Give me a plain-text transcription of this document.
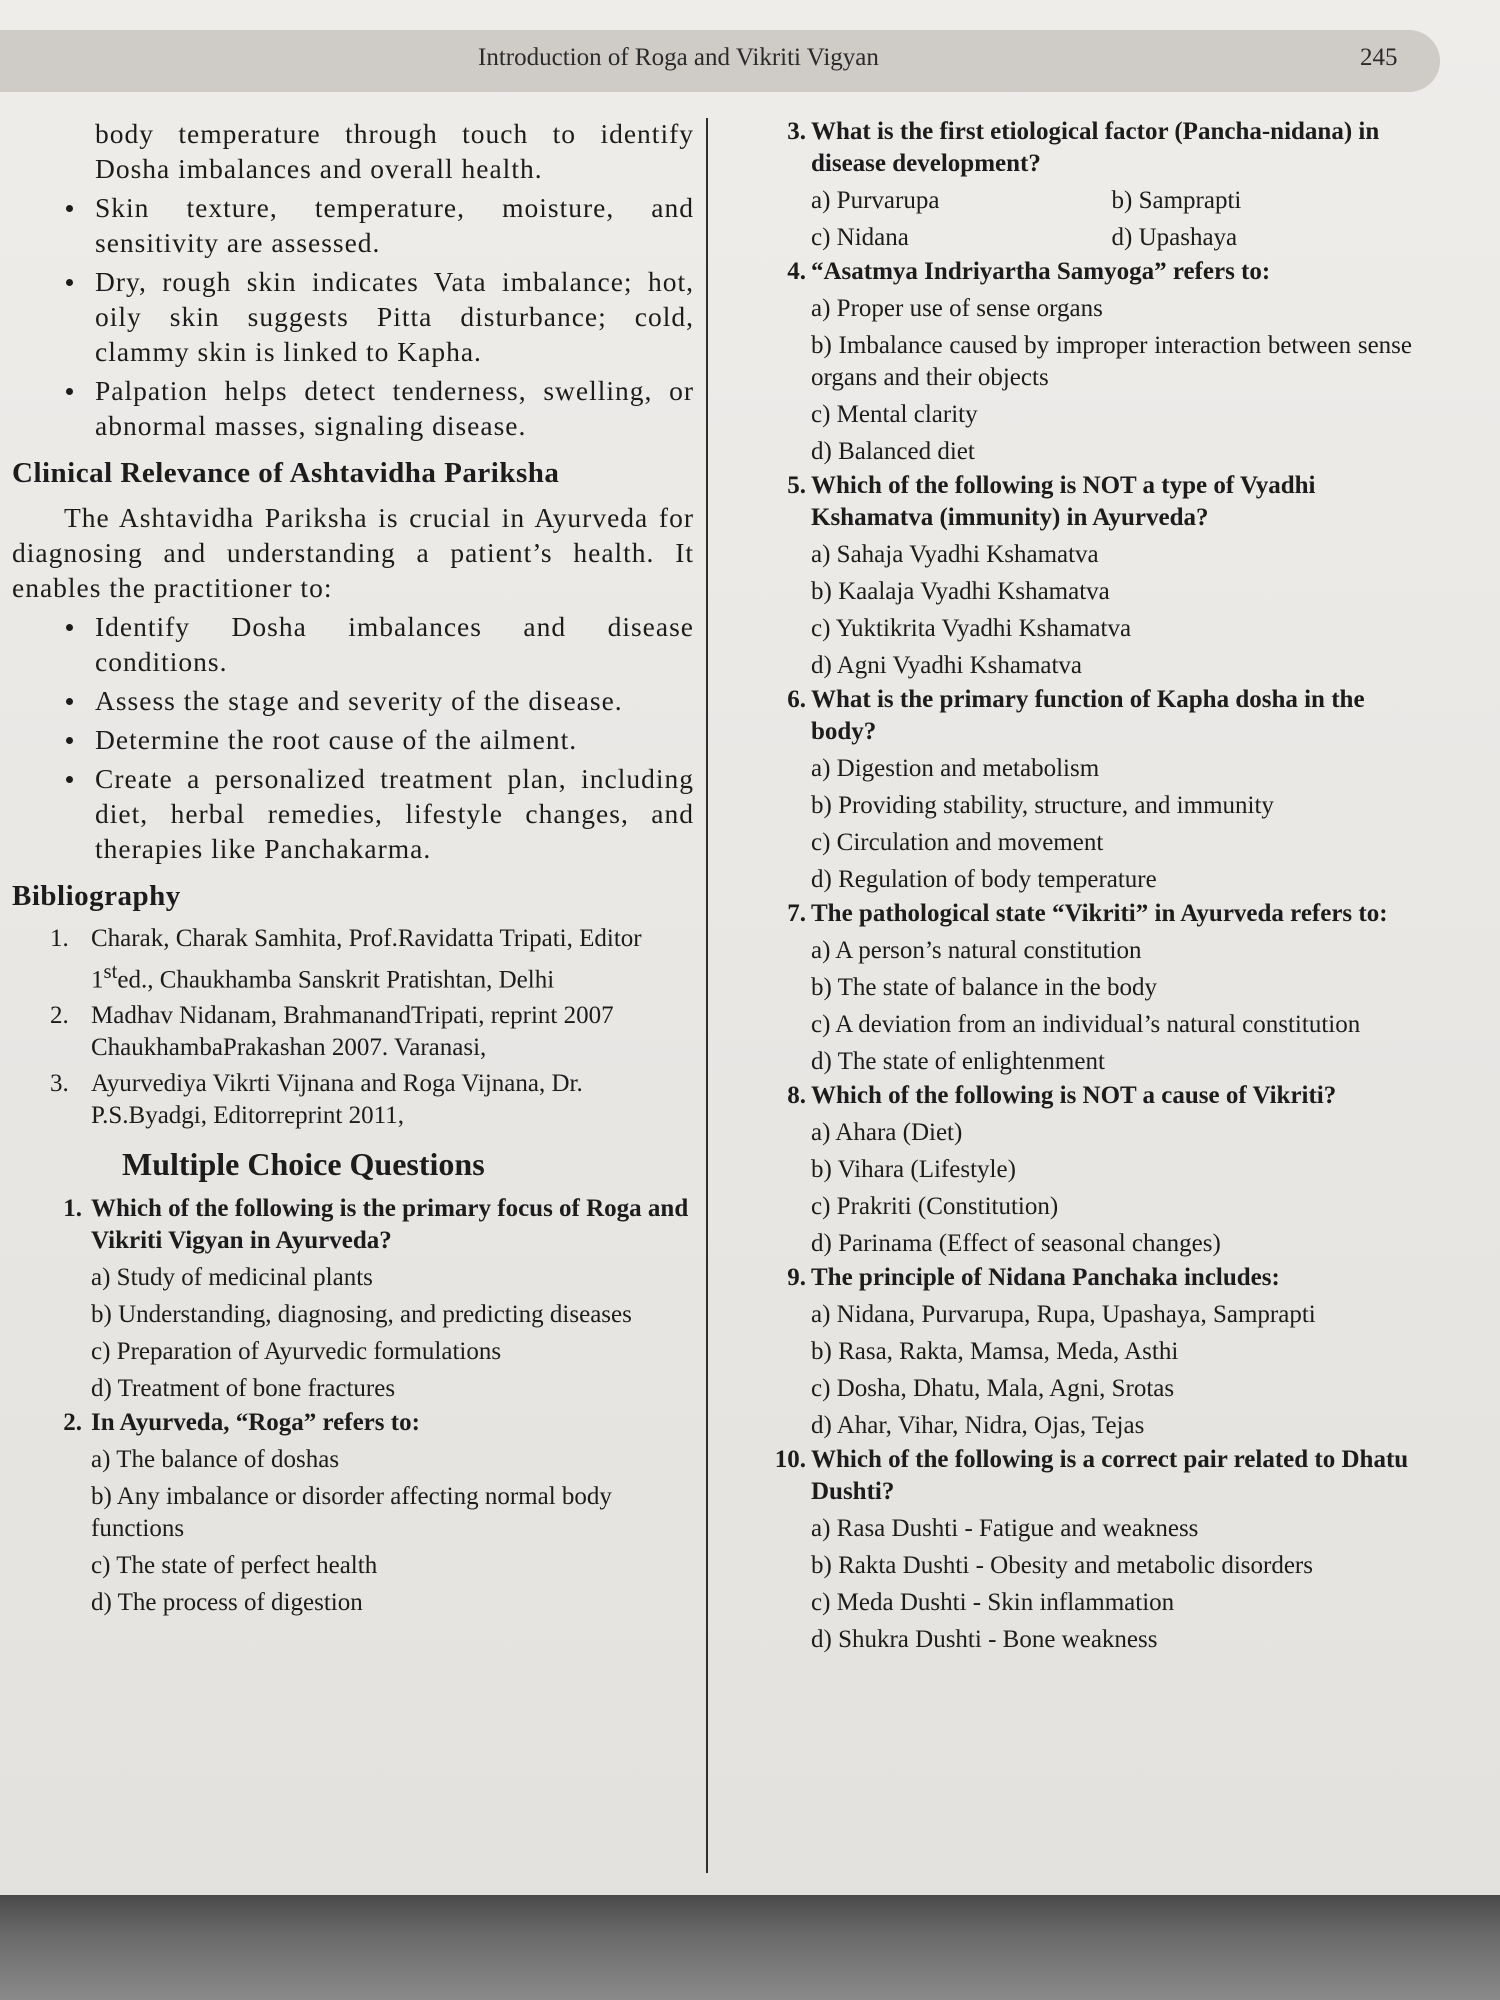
Introduction of Roga and Vikriti Vigyan	245

body temperature through touch to identify Dosha imbalances and overall health.

Skin texture, temperature, moisture, and sensitivity are assessed.
Dry, rough skin indicates Vata imbalance; hot, oily skin suggests Pitta disturbance; cold, clammy skin is linked to Kapha.
Palpation helps detect tenderness, swelling, or abnormal masses, signaling disease.
Clinical Relevance of Ashtavidha Pariksha

The Ashtavidha Pariksha is crucial in Ayurveda for diagnosing and understanding a patient’s health. It enables the practitioner to:

Identify Dosha imbalances and disease conditions.
Assess the stage and severity of the disease.
Determine the root cause of the ailment.
Create a personalized treatment plan, including diet, herbal remedies, lifestyle changes, and therapies like Panchakarma.
Bibliography
1. Charak, Charak Samhita, Prof.Ravidatta Tripati, Editor 1sted., Chaukhamba Sanskrit Pratishtan, Delhi
2. Madhav Nidanam, BrahmanandTripati, reprint 2007 ChaukhambaPrakashan 2007. Varanasi,
3. Ayurvediya Vikrti Vijnana and Roga Vijnana, Dr. P.S.Byadgi, Editorreprint 2011,
Multiple Choice Questions
1. Which of the following is the primary focus of Roga and Vikriti Vigyan in Ayurveda?
a) Study of medicinal plants
b) Understanding, diagnosing, and predicting diseases
c) Preparation of Ayurvedic formulations
d) Treatment of bone fractures
2. In Ayurveda, “Roga” refers to:
a) The balance of doshas
b) Any imbalance or disorder affecting normal body functions
c) The state of perfect health
d) The process of digestion
3. What is the first etiological factor (Pancha-nidana) in disease development?
a) Purvarupa	b) Samprapti
c) Nidana	d) Upashaya
4. “Asatmya Indriyartha Samyoga” refers to:
a) Proper use of sense organs
b) Imbalance caused by improper interaction between sense organs and their objects
c) Mental clarity
d) Balanced diet
5. Which of the following is NOT a type of Vyadhi Kshamatva (immunity) in Ayurveda?
a) Sahaja Vyadhi Kshamatva
b) Kaalaja Vyadhi Kshamatva
c) Yuktikrita Vyadhi Kshamatva
d) Agni Vyadhi Kshamatva
6. What is the primary function of Kapha dosha in the body?
a) Digestion and metabolism
b) Providing stability, structure, and immunity
c) Circulation and movement
d) Regulation of body temperature
7. The pathological state “Vikriti” in Ayurveda refers to:
a) A person’s natural constitution
b) The state of balance in the body
c) A deviation from an individual’s natural constitution
d) The state of enlightenment
8. Which of the following is NOT a cause of Vikriti?
a) Ahara (Diet)
b) Vihara (Lifestyle)
c) Prakriti (Constitution)
d) Parinama (Effect of seasonal changes)
9. The principle of Nidana Panchaka includes:
a) Nidana, Purvarupa, Rupa, Upashaya, Samprapti
b) Rasa, Rakta, Mamsa, Meda, Asthi
c) Dosha, Dhatu, Mala, Agni, Srotas
d) Ahar, Vihar, Nidra, Ojas, Tejas
10. Which of the following is a correct pair related to Dhatu Dushti?
a) Rasa Dushti - Fatigue and weakness
b) Rakta Dushti - Obesity and metabolic disorders
c) Meda Dushti - Skin inflammation
d) Shukra Dushti - Bone weakness
